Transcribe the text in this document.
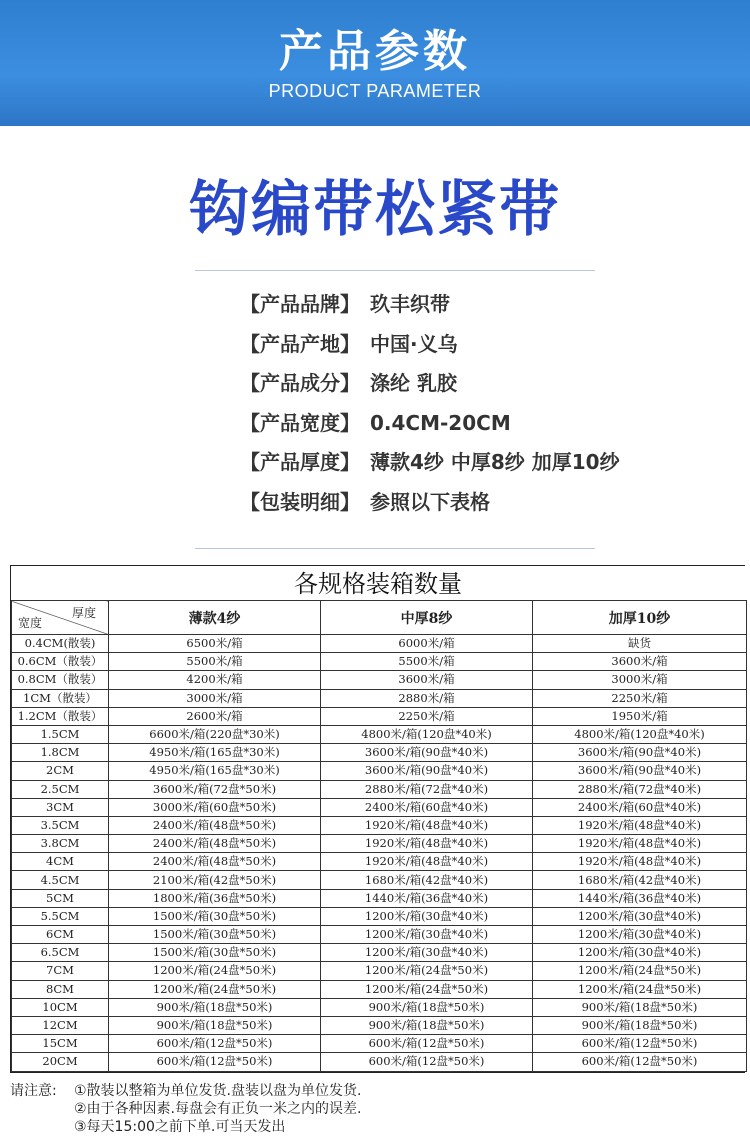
产品参数
PRODUCT PARAMETER
钩编带松紧带
【产品品牌】 玖丰织带
【产品产地】 中国·义乌
【产品成分】 涤纶 乳胶
【产品宽度】 0.4CM-20CM
【产品厚度】 薄款4纱 中厚8纱 加厚10纱
【包装明细】 参照以下表格
各规格装箱数量
厚度
宽度	薄款4纱	中厚8纱	加厚10纱
0.4CM(散装)	6500米/箱	6000米/箱	缺货
0.6CM（散装）	5500米/箱	5500米/箱	3600米/箱
0.8CM（散装）	4200米/箱	3600米/箱	3000米/箱
1CM（散装）	3000米/箱	2880米/箱	2250米/箱
1.2CM（散装）	2600米/箱	2250米/箱	1950米/箱
1.5CM	6600米/箱(220盘*30米)	4800米/箱(120盘*40米)	4800米/箱(120盘*40米)
1.8CM	4950米/箱(165盘*30米)	3600米/箱(90盘*40米)	3600米/箱(90盘*40米)
2CM	4950米/箱(165盘*30米)	3600米/箱(90盘*40米)	3600米/箱(90盘*40米)
2.5CM	3600米/箱(72盘*50米)	2880米/箱(72盘*40米)	2880米/箱(72盘*40米)
3CM	3000米/箱(60盘*50米)	2400米/箱(60盘*40米)	2400米/箱(60盘*40米)
3.5CM	2400米/箱(48盘*50米)	1920米/箱(48盘*40米)	1920米/箱(48盘*40米)
3.8CM	2400米/箱(48盘*50米)	1920米/箱(48盘*40米)	1920米/箱(48盘*40米)
4CM	2400米/箱(48盘*50米)	1920米/箱(48盘*40米)	1920米/箱(48盘*40米)
4.5CM	2100米/箱(42盘*50米)	1680米/箱(42盘*40米)	1680米/箱(42盘*40米)
5CM	1800米/箱(36盘*50米)	1440米/箱(36盘*40米)	1440米/箱(36盘*40米)
5.5CM	1500米/箱(30盘*50米)	1200米/箱(30盘*40米)	1200米/箱(30盘*40米)
6CM	1500米/箱(30盘*50米)	1200米/箱(30盘*40米)	1200米/箱(30盘*40米)
6.5CM	1500米/箱(30盘*50米)	1200米/箱(30盘*40米)	1200米/箱(30盘*40米)
7CM	1200米/箱(24盘*50米)	1200米/箱(24盘*50米)	1200米/箱(24盘*50米)
8CM	1200米/箱(24盘*50米)	1200米/箱(24盘*50米)	1200米/箱(24盘*50米)
10CM	900米/箱(18盘*50米)	900米/箱(18盘*50米)	900米/箱(18盘*50米)
12CM	900米/箱(18盘*50米)	900米/箱(18盘*50米)	900米/箱(18盘*50米)
15CM	600米/箱(12盘*50米)	600米/箱(12盘*50米)	600米/箱(12盘*50米)
20CM	600米/箱(12盘*50米)	600米/箱(12盘*50米)	600米/箱(12盘*50米)
请注意: ①散装以整箱为单位发货.盘装以盘为单位发货.
②由于各种因素.每盘会有正负一米之内的误差.
③每天15:00之前下单.可当天发出
